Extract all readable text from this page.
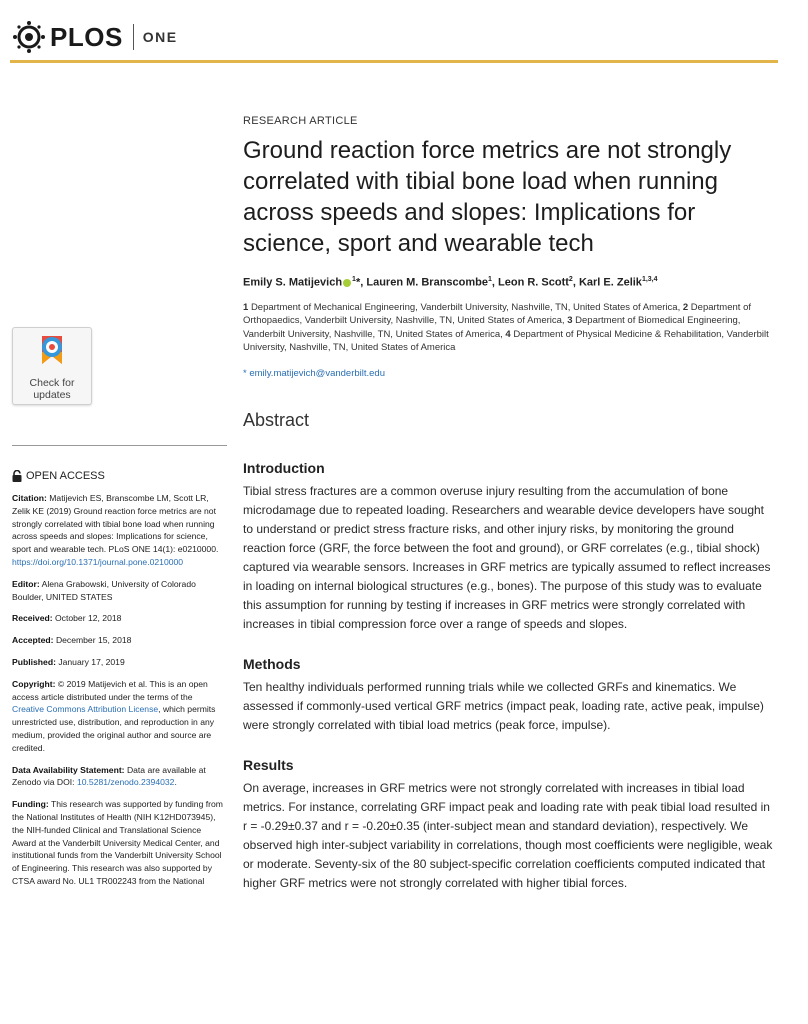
PLOS ONE
Check for
updates
OPEN ACCESS

Citation: Matijevich ES, Branscombe LM, Scott LR, Zelik KE (2019) Ground reaction force metrics are not strongly correlated with tibial bone load when running across speeds and slopes: Implications for science, sport and wearable tech. PLoS ONE 14(1): e0210000. https://doi.org/10.1371/journal.pone.0210000

Editor: Alena Grabowski, University of Colorado Boulder, UNITED STATES

Received: October 12, 2018

Accepted: December 15, 2018

Published: January 17, 2019

Copyright: © 2019 Matijevich et al. This is an open access article distributed under the terms of the Creative Commons Attribution License, which permits unrestricted use, distribution, and reproduction in any medium, provided the original author and source are credited.

Data Availability Statement: Data are available at Zenodo via DOI: 10.5281/zenodo.2394032.

Funding: This research was supported by funding from the National Institutes of Health (NIH K12HD073945), the NIH-funded Clinical and Translational Science Award at the Vanderbilt University Medical Center, and institutional funds from the Vanderbilt University School of Engineering. This research was also supported by CTSA award No. UL1 TR002243 from the National

RESEARCH ARTICLE

Ground reaction force metrics are not strongly correlated with tibial bone load when running across speeds and slopes: Implications for science, sport and wearable tech
Emily S. Matijevich $^1$*, Lauren M. Branscombe$^1$, Leon R. Scott$^2$, Karl E. Zelik$^{1,3,4}$
1 Department of Mechanical Engineering, Vanderbilt University, Nashville, TN, United States of America, 2 Department of Orthopaedics, Vanderbilt University, Nashville, TN, United States of America, 3 Department of Biomedical Engineering, Vanderbilt University, Nashville, TN, United States of America, 4 Department of Physical Medicine & Rehabilitation, Vanderbilt University, Nashville, TN, United States of America
* emily.matijevich@vanderbilt.edu
Abstract
Introduction

Tibial stress fractures are a common overuse injury resulting from the accumulation of bone microdamage due to repeated loading. Researchers and wearable device developers have sought to understand or predict stress fracture risks, and other injury risks, by monitoring the ground reaction force (GRF, the force between the foot and ground), or GRF correlates (e.g., tibial shock) captured via wearable sensors. Increases in GRF metrics are typically assumed to reflect increases in loading on internal biological structures (e.g., bones). The purpose of this study was to evaluate this assumption for running by testing if increases in GRF metrics were strongly correlated with increases in tibial compression force over a range of speeds and slopes.

Methods

Ten healthy individuals performed running trials while we collected GRFs and kinematics. We assessed if commonly-used vertical GRF metrics (impact peak, loading rate, active peak, impulse) were strongly correlated with tibial load metrics (peak force, impulse).

Results

On average, increases in GRF metrics were not strongly correlated with increases in tibial load metrics. For instance, correlating GRF impact peak and loading rate with peak tibial load resulted in r = -0.29±0.37 and r = -0.20±0.35 (inter-subject mean and standard deviation), respectively. We observed high inter-subject variability in correlations, though most coefficients were negligible, weak or moderate. Seventy-six of the 80 subject-specific correlation coefficients computed indicated that higher GRF metrics were not strongly correlated with higher tibial forces.
